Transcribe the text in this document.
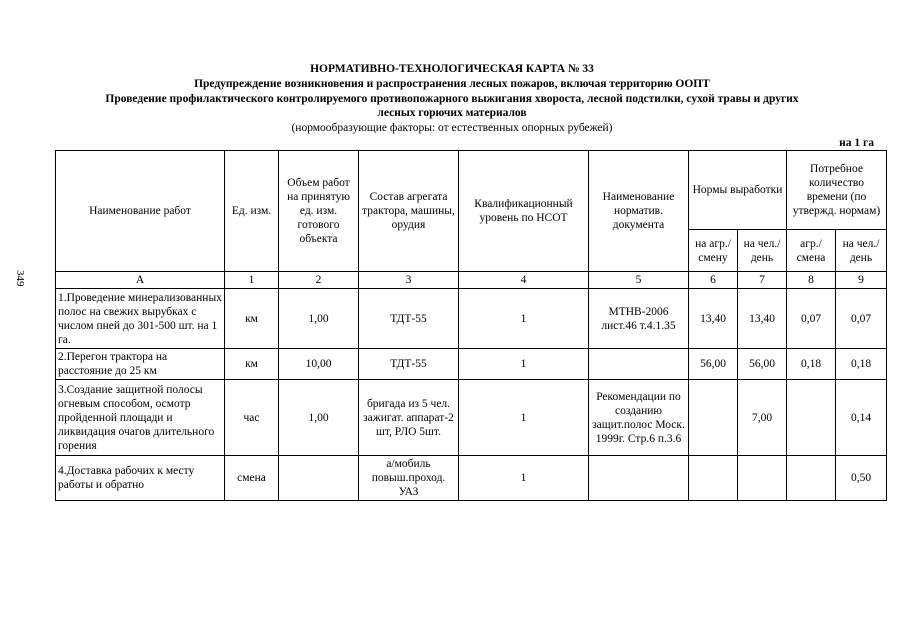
349
НОРМАТИВНО-ТЕХНОЛОГИЧЕСКАЯ КАРТА № 33
Предупреждение возникновения и распространения лесных пожаров, включая территорию ООПТ
Проведение профилактического контролируемого противопожарного выжигания хвороста, лесной подстилки, сухой травы и других
лесных горючих материалов
(нормообразующие факторы: от естественных опорных рубежей)
на 1 га
Наименование работ	Ед. изм.	Объем работ на принятую ед. изм. готового объекта	Состав агрегата трактора, машины, орудия	Квалификационный уровень по НСОТ	Наименование норматив. документа	Нормы выработки		Потребное количество времени (по утвержд. нормам)	
						на агр./ смену	на чел./ день	агр./ смена	на чел./ день
А	1	2	3	4	5	6	7	8	9
1.Проведение минерализованных полос на свежих вырубках с числом пней до 301-500 шт. на 1 га.	км	1,00	ТДТ-55	1	МТНВ-2006 лист.46 т.4.1.35	13,40	13,40	0,07	0,07
2.Перегон трактора на расстояние до 25 км	км	10,00	ТДТ-55	1		56,00	56,00	0,18	0,18
3.Создание защитной полосы огневым способом, осмотр пройденной площади и ликвидация очагов длительного горения	час	1,00	бригада из 5 чел. зажигат. аппарат-2 шт, РЛО 5шт.	1	Рекомендации по созданию защит.полос Моск. 1999г. Стр.6 п.3.6		7,00		0,14
4.Доставка рабочих к месту работы и обратно	смена		а/мобиль повыш.проход. УАЗ	1					0,50
